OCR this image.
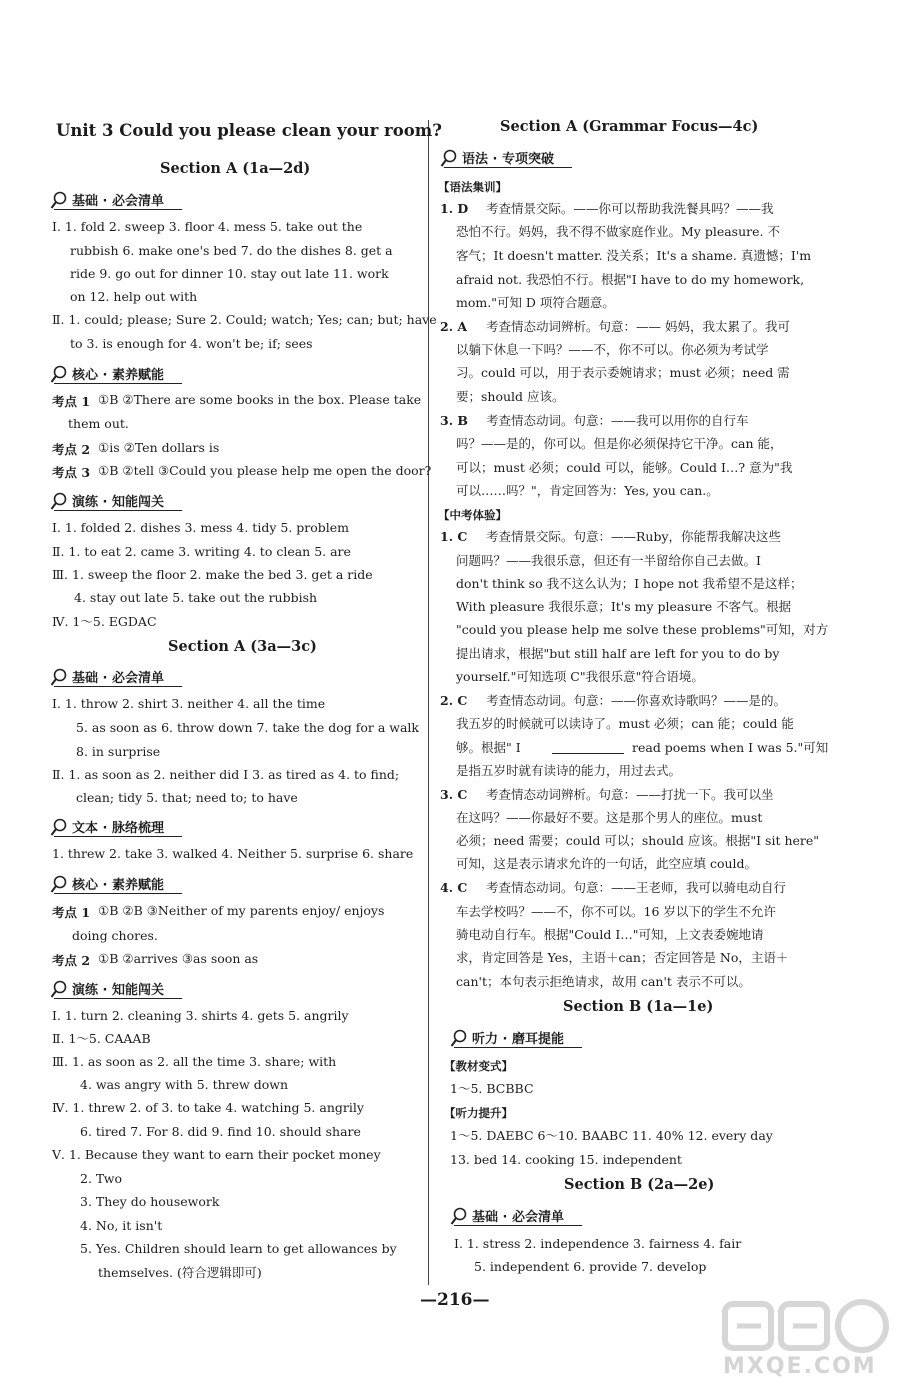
Unit 3 Could you please clean your room?
Section A (1a—2d)
基础 · 必会清单
Ⅰ. 1. fold 2. sweep 3. floor 4. mess 5. take out the
rubbish 6. make one's bed 7. do the dishes 8. get a
ride 9. go out for dinner 10. stay out late 11. work
on 12. help out with
Ⅱ. 1. could; please; Sure 2. Could; watch; Yes; can; but; have
to 3. is enough for 4. won't be; if; sees
核心 · 素养赋能
考点 1 ①B ②There are some books in the box. Please take
them out.
考点 2 ①is ②Ten dollars is
考点 3 ①B ②tell ③Could you please help me open the door?
演练 · 知能闯关
Ⅰ. 1. folded 2. dishes 3. mess 4. tidy 5. problem
Ⅱ. 1. to eat 2. came 3. writing 4. to clean 5. are
Ⅲ. 1. sweep the floor 2. make the bed 3. get a ride
4. stay out late 5. take out the rubbish
Ⅳ. 1～5. EGDAC
Section A (3a—3c)
基础 · 必会清单
Ⅰ. 1. throw 2. shirt 3. neither 4. all the time
5. as soon as 6. throw down 7. take the dog for a walk
8. in surprise
Ⅱ. 1. as soon as 2. neither did I 3. as tired as 4. to find;
clean; tidy 5. that; need to; to have
文本 · 脉络梳理
1. threw 2. take 3. walked 4. Neither 5. surprise 6. share
核心 · 素养赋能
考点 1 ①B ②B ③Neither of my parents enjoy/ enjoys
doing chores.
考点 2 ①B ②arrives ③as soon as
演练 · 知能闯关
Ⅰ. 1. turn 2. cleaning 3. shirts 4. gets 5. angrily
Ⅱ. 1～5. CAAAB
Ⅲ. 1. as soon as 2. all the time 3. share; with
4. was angry with 5. threw down
Ⅳ. 1. threw 2. of 3. to take 4. watching 5. angrily
6. tired 7. For 8. did 9. find 10. should share
Ⅴ. 1. Because they want to earn their pocket money
2. Two
3. They do housework
4. No, it isn't
5. Yes. Children should learn to get allowances by
themselves. (符合逻辑即可)
Section A (Grammar Focus—4c)
语法 · 专项突破
【语法集训】
1. D 考查情景交际。——你可以帮助我洗餐具吗？——我
恐怕不行。妈妈，我不得不做家庭作业。My pleasure. 不
客气；It doesn't matter. 没关系；It's a shame. 真遗憾；I'm
afraid not. 我恐怕不行。根据"I have to do my homework,
mom."可知 D 项符合题意。
2. A 考查情态动词辨析。句意：—— 妈妈，我太累了。我可
以躺下休息一下吗？——不，你不可以。你必须为考试学
习。could 可以，用于表示委婉请求；must 必须；need 需
要；should 应该。
3. B 考查情态动词。句意：——我可以用你的自行车
吗？——是的，你可以。但是你必须保持它干净。can 能，
可以；must 必须；could 可以，能够。Could I…? 意为"我
可以……吗？"，肯定回答为：Yes, you can.。
【中考体验】
1. C 考查情景交际。句意：——Ruby，你能帮我解决这些
问题吗？——我很乐意，但还有一半留给你自己去做。I
don't think so 我不这么认为；I hope not 我希望不是这样；
With pleasure 我很乐意；It's my pleasure 不客气。根据
"could you please help me solve these problems"可知，对方
提出请求，根据"but still half are left for you to do by
yourself."可知选项 C"我很乐意"符合语境。
2. C 考查情态动词。句意：——你喜欢诗歌吗？——是的。
我五岁的时候就可以读诗了。must 必须；can 能；could 能
够。根据" I	read poems when I was 5."可知
是指五岁时就有读诗的能力，用过去式。
3. C 考查情态动词辨析。句意：——打扰一下。我可以坐
在这吗？——你最好不要。这是那个男人的座位。must
必须；need 需要；could 可以；should 应该。根据"I sit here"
可知，这是表示请求允许的一句话，此空应填 could。
4. C 考查情态动词。句意：——王老师，我可以骑电动自行
车去学校吗？——不，你不可以。16 岁以下的学生不允许
骑电动自行车。根据"Could I…"可知，上文表委婉地请
求，肯定回答是 Yes，主语＋can；否定回答是 No，主语＋
can't；本句表示拒绝请求，故用 can't 表示不可以。
Section B (1a—1e)
听力 · 磨耳提能
【教材变式】
1～5. BCBBC
【听力提升】
1～5. DAEBC 6～10. BAABC 11. 40% 12. every day
13. bed 14. cooking 15. independent
Section B (2a—2e)
基础 · 必会清单
Ⅰ. 1. stress 2. independence 3. fairness 4. fair
5. independent 6. provide 7. develop
—216—
MXQE.COM
